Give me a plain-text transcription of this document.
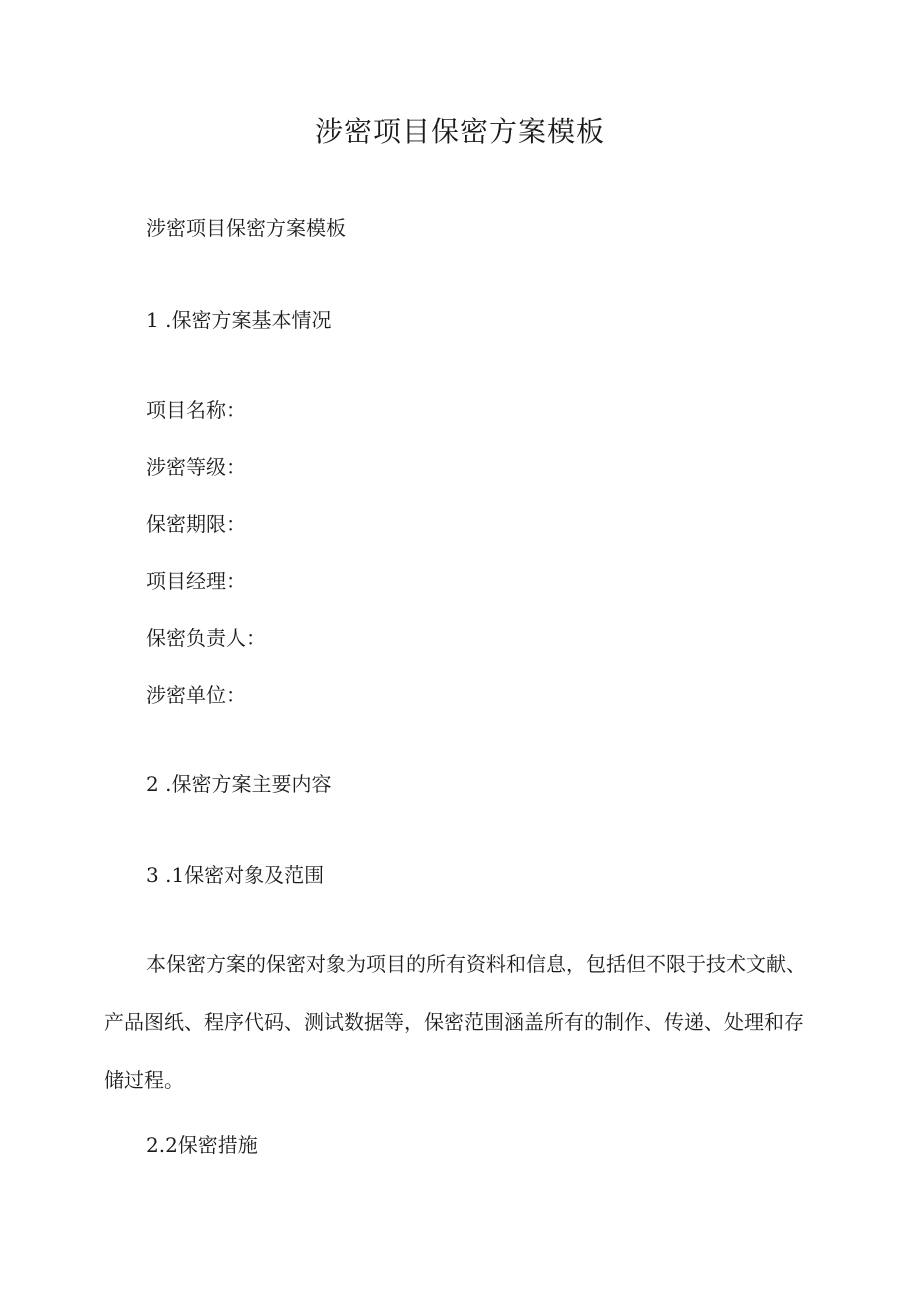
涉密项目保密方案模板

涉密项目保密方案模板

1 .保密方案基本情况

项目名称：
涉密等级：
保密期限：
项目经理：
保密负责人：
涉密单位：

2 .保密方案主要内容

3 .1保密对象及范围

本保密方案的保密对象为项目的所有资料和信息，包括但不限于技术文献、
产品图纸、程序代码、测试数据等，保密范围涵盖所有的制作、传递、处理和存
储过程。

2.2保密措施
